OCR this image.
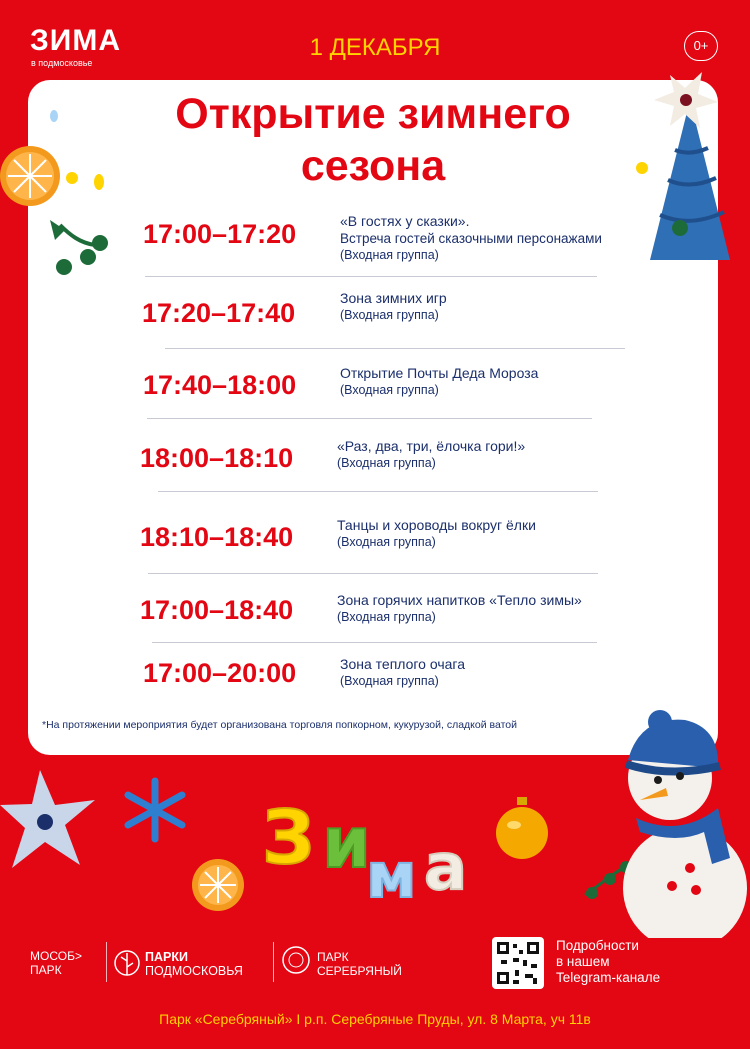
ЗИМА
в подмосковье
1 ДЕКАБРЯ	0+
Открытие зимнего
сезона
17:00–17:20	«В гостях у сказки».
Встреча гостей сказочными персонажами
(Входная группа)
17:20–17:40	Зона зимних игр
(Входная группа)
17:40–18:00	Открытие Почты Деда Мороза
(Входная группа)
18:00–18:10	«Раз, два, три, ёлочка гори!»
(Входная группа)
18:10–18:40	Танцы и хороводы вокруг ёлки
(Входная группа)
17:00–18:40	Зона горячих напитков «Тепло зимы»
(Входная группа)
17:00–20:00	Зона теплого очага
(Входная группа)
*На протяжении мероприятия будет организована торговля попкорном, кукурузой, сладкой ватой
З и
м а
МОСОБ>
ПАРК
ПАРКИ
ПОДМОСКОВЬЯ
ПАРК
СЕРЕБРЯНЫЙ
Подробности
в нашем
Telegram-канале
Парк «Серебряный» I р.п. Серебряные Пруды, ул. 8 Марта, уч 11в
